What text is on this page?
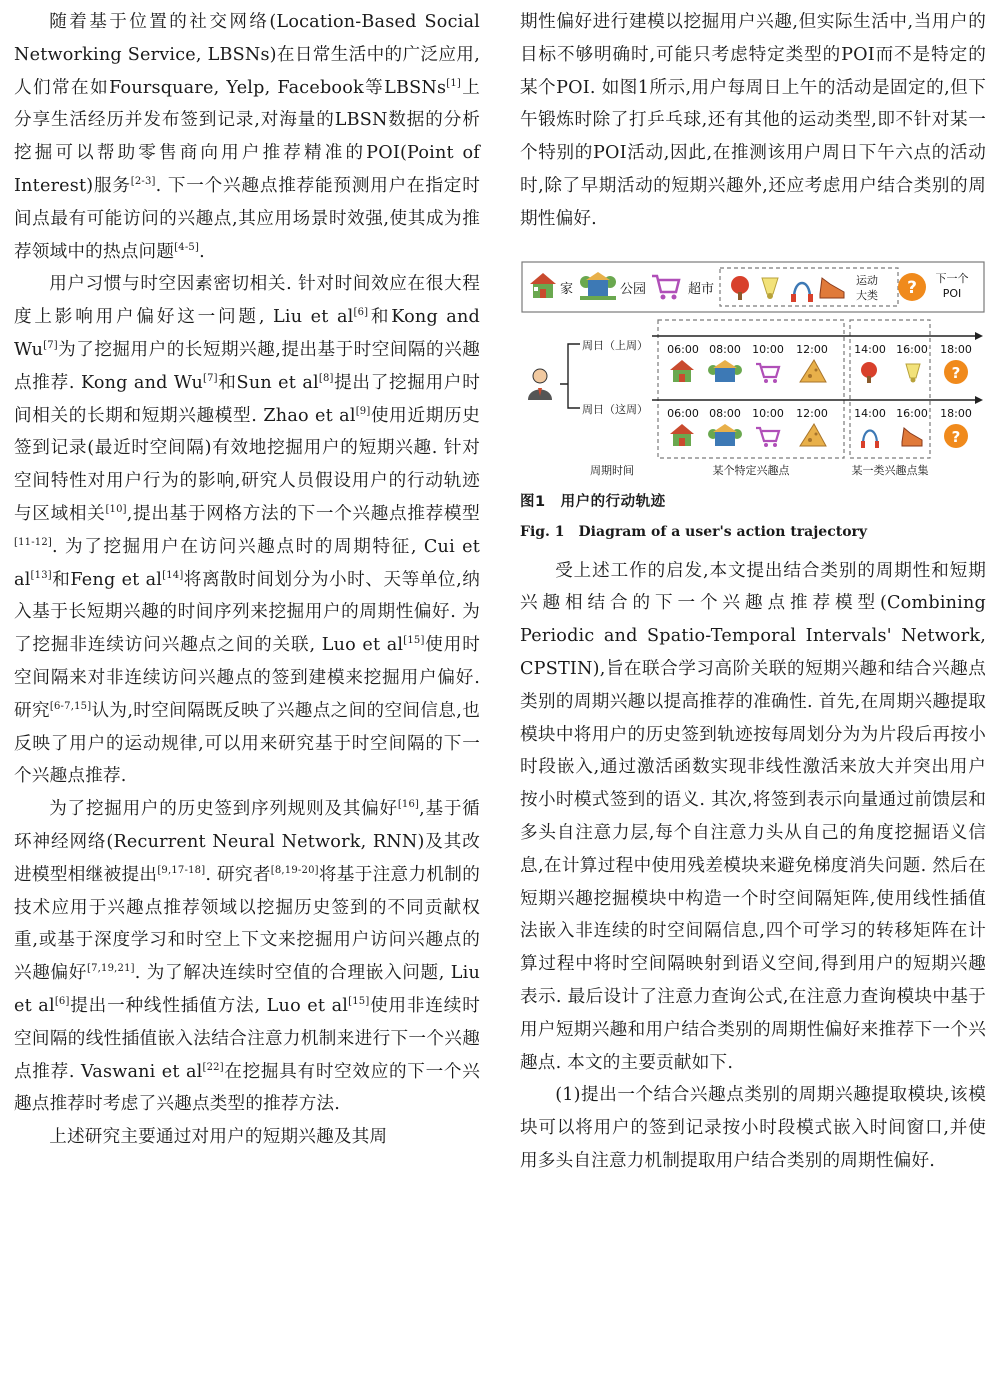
随着基于位置的社交网络(Location-Based Social Networking Service, LBSNs)在日常生活中的广泛应用,人们常在如Foursquare, Yelp, Facebook等LBSNs[1]上分享生活经历并发布签到记录,对海量的LBSN数据的分析挖掘可以帮助零售商向用户推荐精准的POI(Point of Interest)服务[2-3]. 下一个兴趣点推荐能预测用户在指定时间点最有可能访问的兴趣点,其应用场景时效强,使其成为推荐领域中的热点问题[4-5].

用户习惯与时空因素密切相关. 针对时间效应在很大程度上影响用户偏好这一问题, Liu et al[6]和Kong and Wu[7]为了挖掘用户的长短期兴趣,提出基于时空间隔的兴趣点推荐. Kong and Wu[7]和Sun et al[8]提出了挖掘用户时间相关的长期和短期兴趣模型. Zhao et al[9]使用近期历史签到记录(最近时空间隔)有效地挖掘用户的短期兴趣. 针对空间特性对用户行为的影响,研究人员假设用户的行动轨迹与区域相关[10],提出基于网格方法的下一个兴趣点推荐模型[11-12]. 为了挖掘用户在访问兴趣点时的周期特征, Cui et al[13]和Feng et al[14]将离散时间划分为小时、天等单位,纳入基于长短期兴趣的时间序列来挖掘用户的周期性偏好. 为了挖掘非连续访问兴趣点之间的关联, Luo et al[15]使用时空间隔来对非连续访问兴趣点的签到建模来挖掘用户偏好. 研究[6-7,15]认为,时空间隔既反映了兴趣点之间的空间信息,也反映了用户的运动规律,可以用来研究基于时空间隔的下一个兴趣点推荐.

为了挖掘用户的历史签到序列规则及其偏好[16],基于循环神经网络(Recurrent Neural Network, RNN)及其改进模型相继被提出[9,17-18]. 研究者[8,19-20]将基于注意力机制的技术应用于兴趣点推荐领域以挖掘历史签到的不同贡献权重,或基于深度学习和时空上下文来挖掘用户访问兴趣点的兴趣偏好[7,19,21]. 为了解决连续时空值的合理嵌入问题, Liu et al[6]提出一种线性插值方法, Luo et al[15]使用非连续时空间隔的线性插值嵌入法结合注意力机制来进行下一个兴趣点推荐. Vaswani et al[22]在挖掘具有时空效应的下一个兴趣点推荐时考虑了兴趣点类型的推荐方法.

上述研究主要通过对用户的短期兴趣及其周

期性偏好进行建模以挖掘用户兴趣,但实际生活中,当用户的目标不够明确时,可能只考虑特定类型的POI而不是特定的某个POI. 如图1所示,用户每周日上午的活动是固定的,但下午锻炼时除了打乒乓球,还有其他的运动类型,即不针对某一个特别的POI活动,因此,在推测该用户周日下午六点的活动时,除了早期活动的短期兴趣外,还应考虑用户结合类别的周期性偏好.

家	公园	超市
运动
大类 ? 下一个
POI
周日（上周）
周日（这周）
06:00 08:00 10:00 12:00 14:00 16:00 18:00
06:00 08:00 10:00 12:00 14:00 16:00 18:00
?
?
周期时间	某个特定兴趣点	某一类兴趣点集

图1　用户的行动轨迹

Fig. 1　Diagram of a user's action trajectory

受上述工作的启发,本文提出结合类别的周期性和短期兴趣相结合的下一个兴趣点推荐模型(Combining Periodic and Spatio-Temporal Intervals' Network, CPSTIN),旨在联合学习高阶关联的短期兴趣和结合兴趣点类别的周期兴趣以提高推荐的准确性. 首先,在周期兴趣提取模块中将用户的历史签到轨迹按每周划分为为片段后再按小时段嵌入,通过激活函数实现非线性激活来放大并突出用户按小时模式签到的语义. 其次,将签到表示向量通过前馈层和多头自注意力层,每个自注意力头从自己的角度挖掘语义信息,在计算过程中使用残差模块来避免梯度消失问题. 然后在短期兴趣挖掘模块中构造一个时空间隔矩阵,使用线性插值法嵌入非连续的时空间隔信息,四个可学习的转移矩阵在计算过程中将时空间隔映射到语义空间,得到用户的短期兴趣表示. 最后设计了注意力查询公式,在注意力查询模块中基于用户短期兴趣和用户结合类别的周期性偏好来推荐下一个兴趣点. 本文的主要贡献如下.

(1)提出一个结合兴趣点类别的周期兴趣提取模块,该模块可以将用户的签到记录按小时段模式嵌入时间窗口,并使用多头自注意力机制提取用户结合类别的周期性偏好.
